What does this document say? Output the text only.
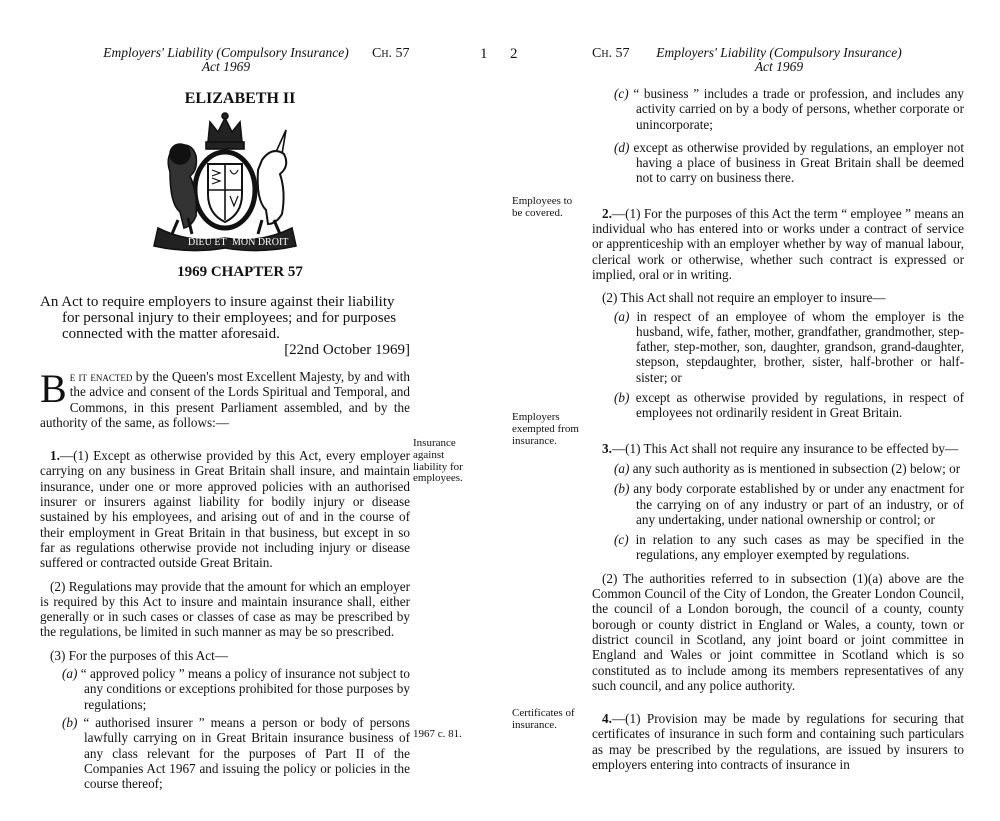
Employers' Liability (Compulsory Insurance)
Act 1969
Ch. 57	1
ELIZABETH II
DIEU ET MON DROIT
1969 CHAPTER 57
An Act to require employers to insure against their liability
for personal injury to their employees; and for purposes
connected with the matter aforesaid.
[22nd October 1969]

Be it enacted by the Queen's most Excellent Majesty, by and with the advice and consent of the Lords Spiritual and Temporal, and Commons, in this present Parliament assembled, and by the authority of the same, as follows:—

1.—(1) Except as otherwise provided by this Act, every employer carrying on any business in Great Britain shall insure, and maintain insurance, under one or more approved policies with an authorised insurer or insurers against liability for bodily injury or disease sustained by his employees, and arising out of and in the course of their employment in Great Britain in that business, but except in so far as regulations otherwise provide not including injury or disease suffered or contracted outside Great Britain.

(2) Regulations may provide that the amount for which an employer is required by this Act to insure and maintain insurance shall, either generally or in such cases or classes of case as may be prescribed by the regulations, be limited in such manner as may be so prescribed.

(3) For the purposes of this Act—

(a) “ approved policy ” means a policy of insurance not subject to any conditions or exceptions prohibited for those purposes by regulations;

(b) “ authorised insurer ” means a person or body of persons lawfully carrying on in Great Britain insurance business of any class relevant for the purposes of Part II of the Companies Act 1967 and issuing the policy or policies in the course thereof;

Insurance against liability for employees.
1967 c. 81.
2	Ch. 57	Employers' Liability (Compulsory Insurance)
Act 1969
Employees to be covered.
Employers exempted from insurance.
Certificates of insurance.

(c) “ business ” includes a trade or profession, and includes any activity carried on by a body of persons, whether corporate or unincorporate;

(d) except as otherwise provided by regulations, an employer not having a place of business in Great Britain shall be deemed not to carry on business there.

2.—(1) For the purposes of this Act the term “ employee ” means an individual who has entered into or works under a contract of service or apprenticeship with an employer whether by way of manual labour, clerical work or otherwise, whether such contract is expressed or implied, oral or in writing.

(2) This Act shall not require an employer to insure—

(a) in respect of an employee of whom the employer is the husband, wife, father, mother, grandfather, grandmother, step-father, step-mother, son, daughter, grandson, grand-daughter, stepson, stepdaughter, brother, sister, half-brother or half-sister; or

(b) except as otherwise provided by regulations, in respect of employees not ordinarily resident in Great Britain.

3.—(1) This Act shall not require any insurance to be effected by—

(a) any such authority as is mentioned in subsection (2) below; or

(b) any body corporate established by or under any enactment for the carrying on of any industry or part of an industry, or of any undertaking, under national ownership or control; or

(c) in relation to any such cases as may be specified in the regulations, any employer exempted by regulations.

(2) The authorities referred to in subsection (1)(a) above are the Common Council of the City of London, the Greater London Council, the council of a London borough, the council of a county, county borough or county district in England or Wales, a county, town or district council in Scotland, any joint board or joint committee in England and Wales or joint committee in Scotland which is so constituted as to include among its members representatives of any such council, and any police authority.

4.—(1) Provision may be made by regulations for securing that certificates of insurance in such form and containing such particulars as may be prescribed by the regulations, are issued by insurers to employers entering into contracts of insurance in
